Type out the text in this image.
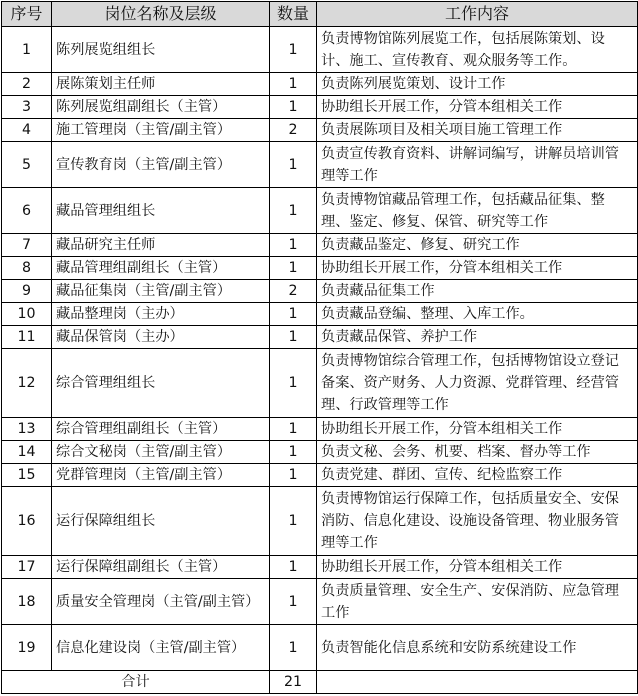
序号	岗位名称及层级	数量	工作内容
1	陈列展览组组长	1	负责博物馆陈列展览工作，包括展陈策划、设计、施工、宣传教育、观众服务等工作。
2	展陈策划主任师	1	负责陈列展览策划、设计工作
3	陈列展览组副组长（主管）	1	协助组长开展工作，分管本组相关工作
4	施工管理岗（主管/副主管）	2	负责展陈项目及相关项目施工管理工作
5	宣传教育岗（主管/副主管）	1	负责宣传教育资料、讲解词编写，讲解员培训管理等工作
6	藏品管理组组长	1	负责博物馆藏品管理工作，包括藏品征集、整理、鉴定、修复、保管、研究等工作
7	藏品研究主任师	1	负责藏品鉴定、修复、研究工作
8	藏品管理组副组长（主管）	1	协助组长开展工作，分管本组相关工作
9	藏品征集岗（主管/副主管）	2	负责藏品征集工作
10	藏品整理岗（主办）	1	负责藏品登编、整理、入库工作。
11	藏品保管岗（主办）	1	负责藏品保管、养护工作
12	综合管理组组长	1	负责博物馆综合管理工作，包括博物馆设立登记备案、资产财务、人力资源、党群管理、经营管理、行政管理等工作
13	综合管理组副组长（主管）	1	协助组长开展工作，分管本组相关工作
14	综合文秘岗（主管/副主管）	1	负责文秘、会务、机要、档案、督办等工作
15	党群管理岗（主管/副主管）	1	负责党建、群团、宣传、纪检监察工作
16	运行保障组组长	1	负责博物馆运行保障工作，包括质量安全、安保消防、信息化建设、设施设备管理、物业服务管理等工作
17	运行保障组副组长（主管）	1	协助组长开展工作，分管本组相关工作
18	质量安全管理岗（主管/副主管）	1	负责质量管理、安全生产、安保消防、应急管理工作
19	信息化建设岗（主管/副主管）	1	负责智能化信息系统和安防系统建设工作
合计		21	
